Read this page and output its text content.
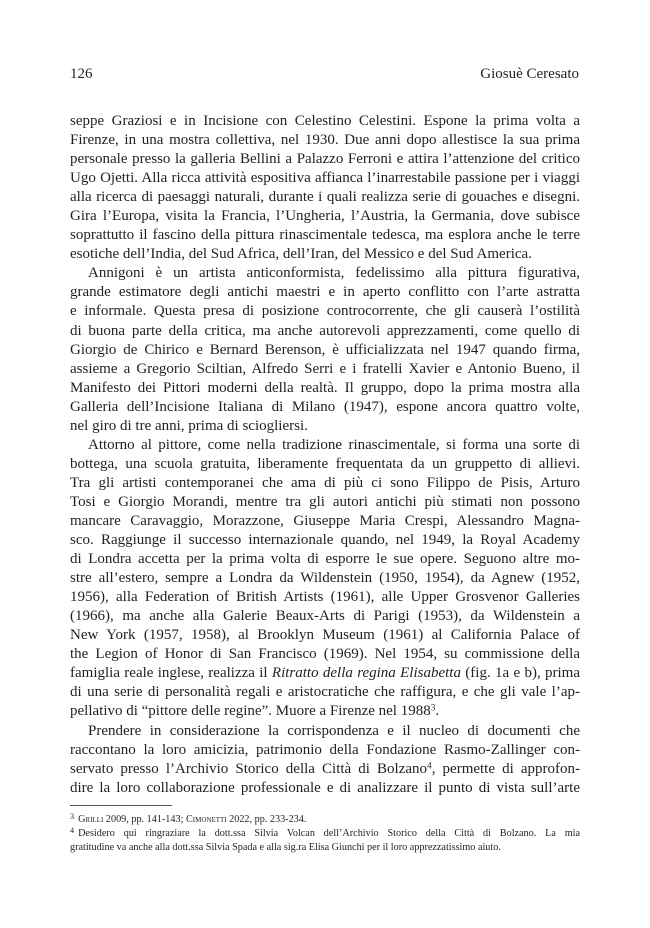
126	Giosuè Ceresato
seppe Graziosi e in Incisione con Celestino Celestini. Espone la prima volta a
Firenze, in una mostra collettiva, nel 1930. Due anni dopo allestisce la sua prima
personale presso la galleria Bellini a Palazzo Ferroni e attira l’attenzione del critico
Ugo Ojetti. Alla ricca attività espositiva affianca l’inarrestabile passione per i viaggi
alla ricerca di paesaggi naturali, durante i quali realizza serie di gouaches e disegni.
Gira l’Europa, visita la Francia, l’Ungheria, l’Austria, la Germania, dove subisce
soprattutto il fascino della pittura rinascimentale tedesca, ma esplora anche le terre
esotiche dell’India, del Sud Africa, dell’Iran, del Messico e del Sud America.
Annigoni è un artista anticonformista, fedelissimo alla pittura figurativa,
grande estimatore degli antichi maestri e in aperto conflitto con l’arte astratta
e informale. Questa presa di posizione controcorrente, che gli causerà l’ostilità
di buona parte della critica, ma anche autorevoli apprezzamenti, come quello di
Giorgio de Chirico e Bernard Berenson, è ufficializzata nel 1947 quando firma,
assieme a Gregorio Sciltian, Alfredo Serri e i fratelli Xavier e Antonio Bueno, il
Manifesto dei Pittori moderni della realtà. Il gruppo, dopo la prima mostra alla
Galleria dell’Incisione Italiana di Milano (1947), espone ancora quattro volte,
nel giro di tre anni, prima di sciogliersi.
Attorno al pittore, come nella tradizione rinascimentale, si forma una sorte di
bottega, una scuola gratuita, liberamente frequentata da un gruppetto di allievi.
Tra gli artisti contemporanei che ama di più ci sono Filippo de Pisis, Arturo
Tosi e Giorgio Morandi, mentre tra gli autori antichi più stimati non possono
mancare Caravaggio, Morazzone, Giuseppe Maria Crespi, Alessandro Magna-
sco. Raggiunge il successo internazionale quando, nel 1949, la Royal Academy
di Londra accetta per la prima volta di esporre le sue opere. Seguono altre mo-
stre all’estero, sempre a Londra da Wildenstein (1950, 1954), da Agnew (1952,
1956), alla Federation of British Artists (1961), alle Upper Grosvenor Galleries
(1966), ma anche alla Galerie Beaux-Arts di Parigi (1953), da Wildenstein a
New York (1957, 1958), al Brooklyn Museum (1961) al California Palace of
the Legion of Honor di San Francisco (1969). Nel 1954, su commissione della
famiglia reale inglese, realizza il Ritratto della regina Elisabetta (fig. 1a e b), prima
di una serie di personalità regali e aristocratiche che raffigura, e che gli vale l’ap-
pellativo di “pittore delle regine”. Muore a Firenze nel 1988$^3$.
Prendere in considerazione la corrispondenza e il nucleo di documenti che
raccontano la loro amicizia, patrimonio della Fondazione Rasmo-Zallinger con-
servato presso l’Archivio Storico della Città di Bolzano$^4$, permette di approfon-
dire la loro collaborazione professionale e di analizzare il punto di vista sull’arte
$^3$ Grilli 2009, pp. 141-143; Cimonetti 2022, pp. 233-234.
$^4$ Desidero qui ringraziare la dott.ssa Silvia Volcan dell’Archivio Storico della Città di Bolzano. La mia
gratitudine va anche alla dott.ssa Silvia Spada e alla sig.ra Elisa Giunchi per il loro apprezzatissimo aiuto.
